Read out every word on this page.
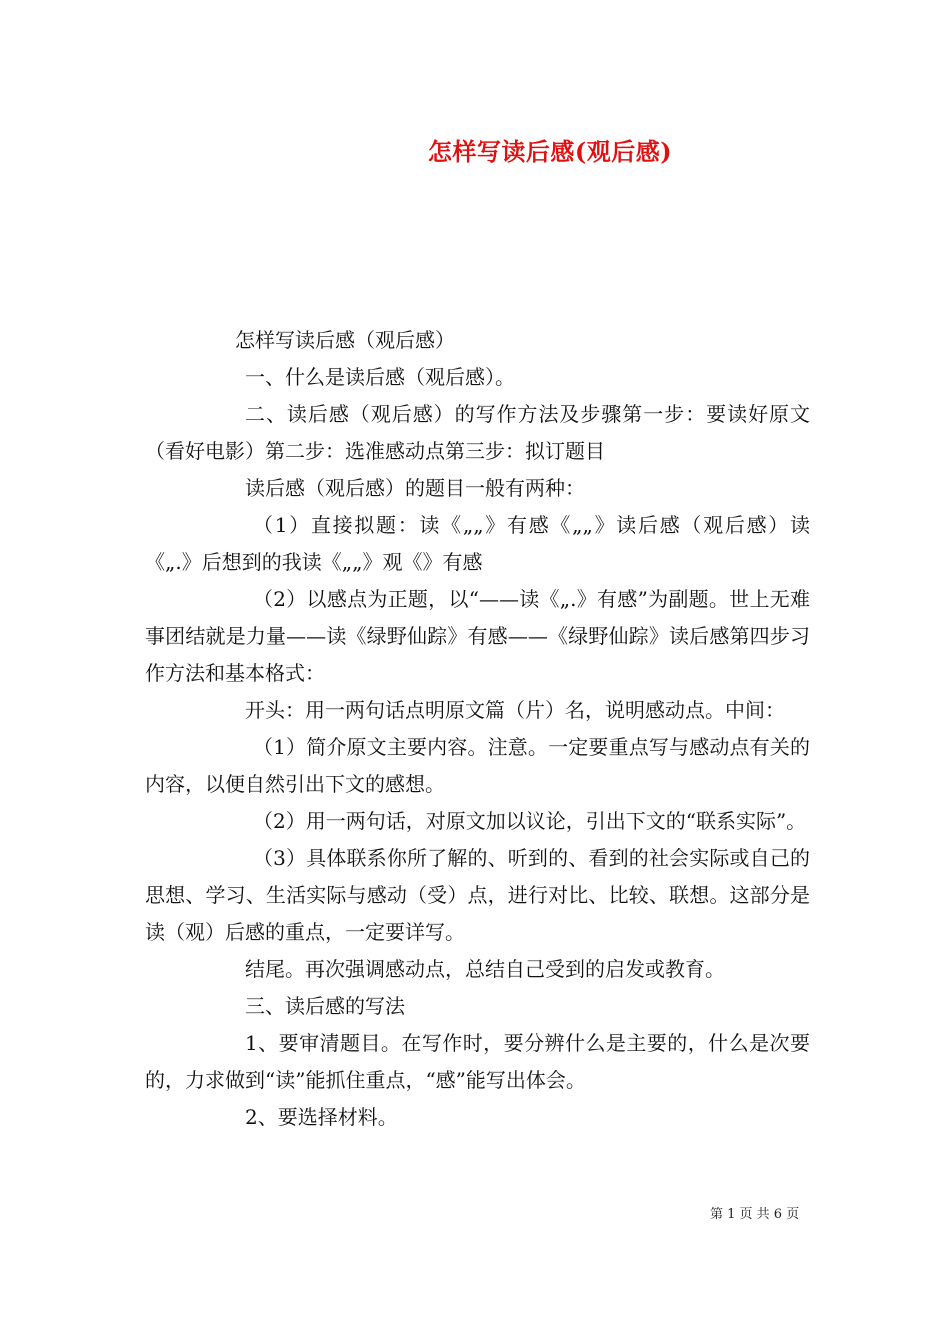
怎样写读后感(观后感)

怎样写读后感（观后感）

一、什么是读后感（观后感）。

二、读后感（观后感）的写作方法及步骤第一步：要读好原文（看好电影）第二步：选准感动点第三步：拟订题目

读后感（观后感）的题目一般有两种：

（1）直接拟题：读《„„》有感《„„》读后感（观后感）读《„.》后想到的我读《„„》观《》有感

（2）以感点为正题，以“——读《„.》有感”为副题。世上无难事团结就是力量——读《绿野仙踪》有感——《绿野仙踪》读后感第四步习作方法和基本格式：

开头：用一两句话点明原文篇（片）名，说明感动点。中间：

（1）简介原文主要内容。注意。一定要重点写与感动点有关的内容，以便自然引出下文的感想。

（2）用一两句话，对原文加以议论，引出下文的“联系实际”。

（3）具体联系你所了解的、听到的、看到的社会实际或自己的思想、学习、生活实际与感动（受）点，进行对比、比较、联想。这部分是读（观）后感的重点，一定要详写。

结尾。再次强调感动点，总结自己受到的启发或教育。

三、读后感的写法

1、要审清题目。在写作时，要分辨什么是主要的，什么是次要的，力求做到“读”能抓住重点，“感”能写出体会。

2、要选择材料。

第 1 页 共 6 页
